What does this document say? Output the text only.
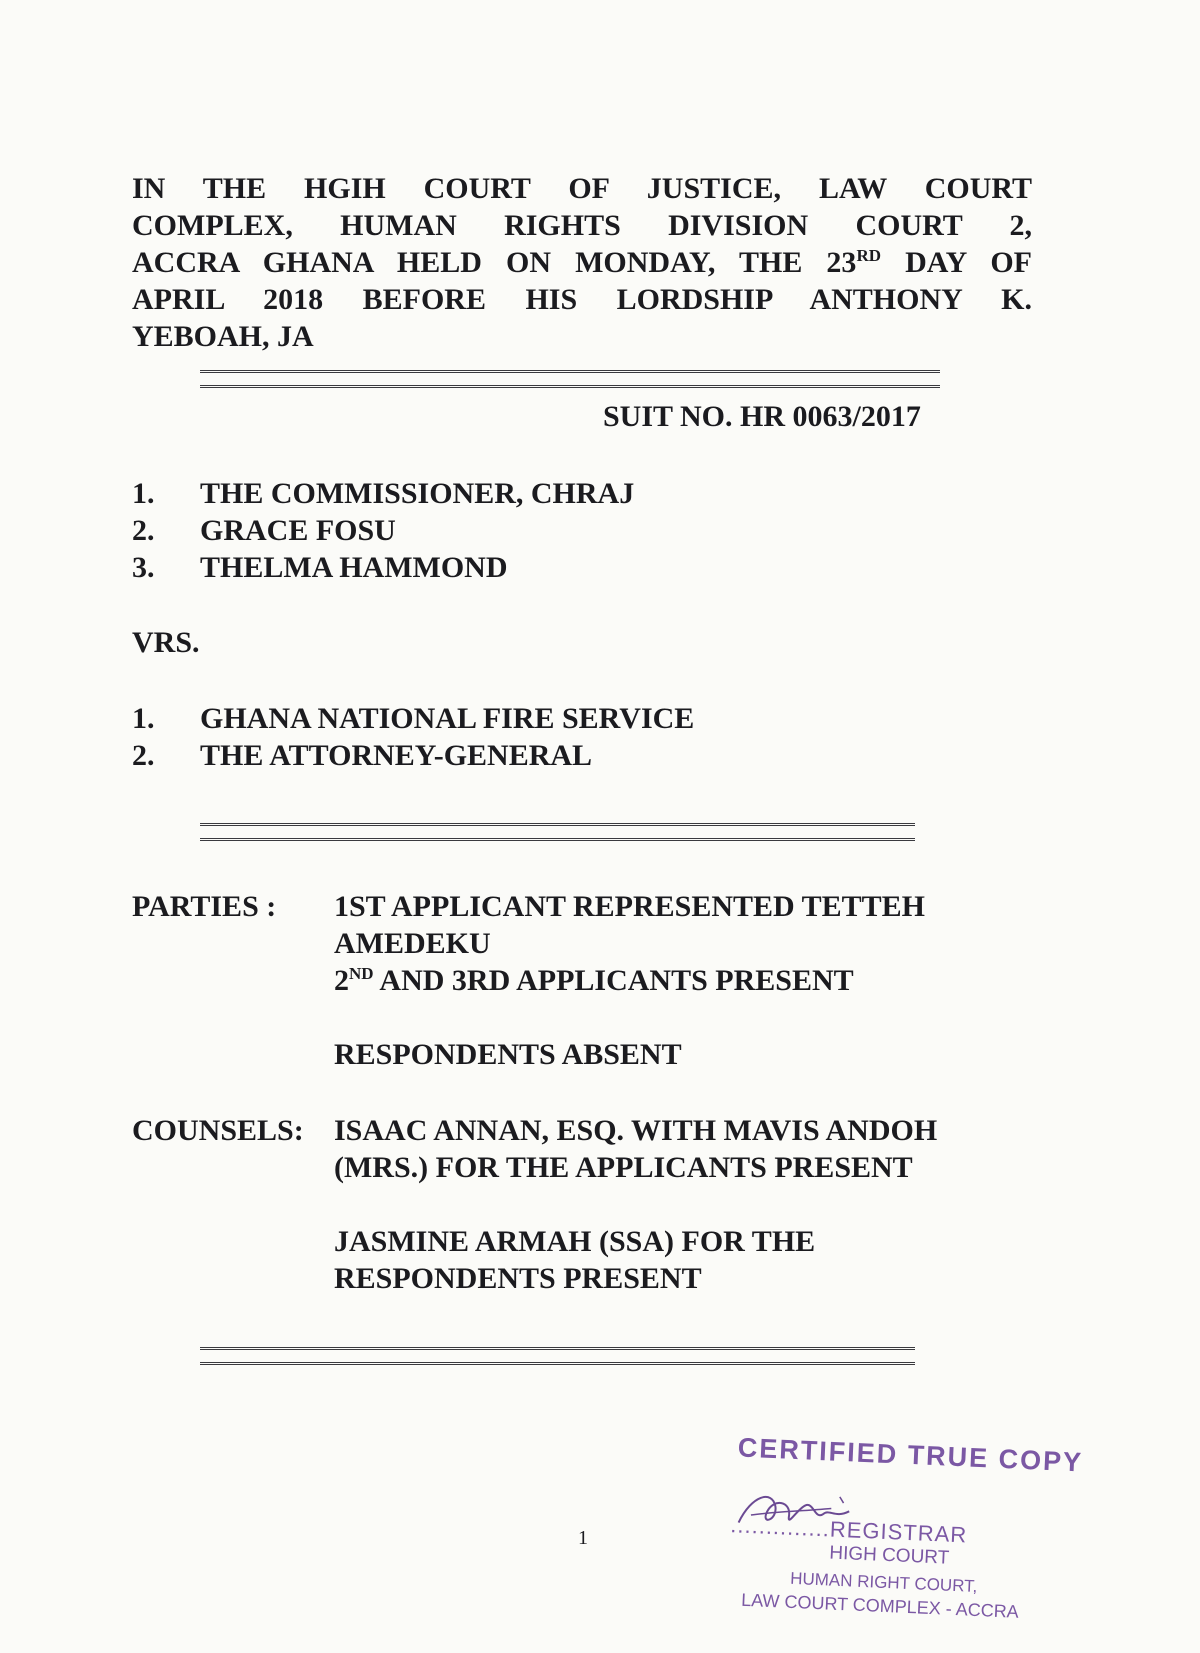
IN THE HGIH COURT OF JUSTICE, LAW COURT
COMPLEX, HUMAN RIGHTS DIVISION COURT 2,
ACCRA GHANA HELD ON MONDAY, THE 23RD DAY OF
APRIL 2018 BEFORE HIS LORDSHIP ANTHONY K.
YEBOAH, JA
SUIT NO. HR 0063/2017
1. THE COMMISSIONER, CHRAJ
2. GRACE FOSU
3. THELMA HAMMOND
VRS.
1. GHANA NATIONAL FIRE SERVICE
2. THE ATTORNEY-GENERAL
PARTIES : 1ST APPLICANT REPRESENTED TETTEH
AMEDEKU
2ND AND 3RD APPLICANTS PRESENT
RESPONDENTS ABSENT
COUNSELS: ISAAC ANNAN, ESQ. WITH MAVIS ANDOH
(MRS.) FOR THE APPLICANTS PRESENT
JASMINE ARMAH (SSA) FOR THE
RESPONDENTS PRESENT
1
CERTIFIED TRUE COPY
..............REGISTRAR
HIGH COURT
HUMAN RIGHT COURT,
LAW COURT COMPLEX - ACCRA
